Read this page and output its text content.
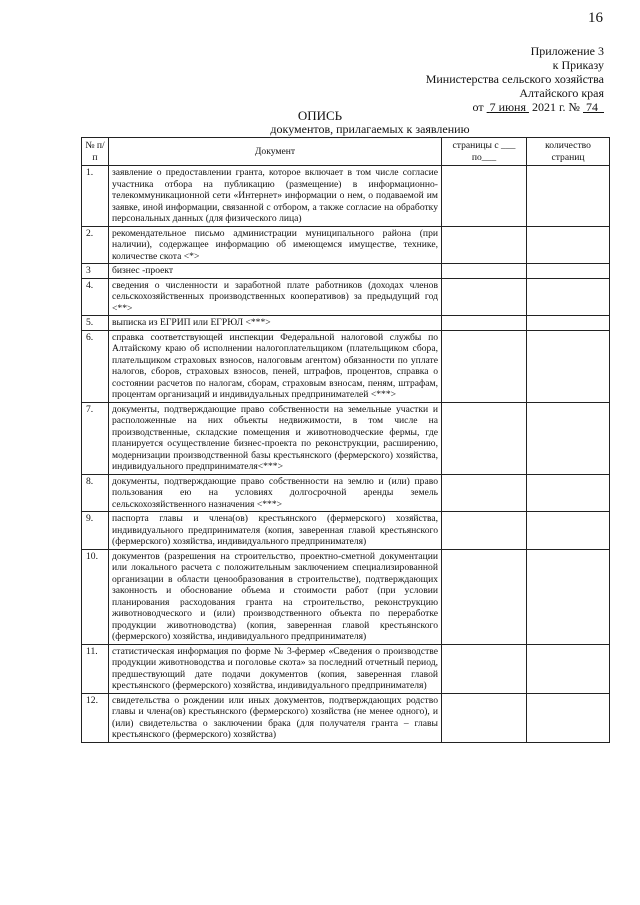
16
Приложение 3
к Приказу
Министерства сельского хозяйства
Алтайского края
от 7 июня 2021 г. № 74
ОПИСЬ
документов, прилагаемых к заявлению
№ п/п	Документ	страницы с ___ по___	количество страниц
1.	заявление о предоставлении гранта, которое включает в том числе согласие участника отбора на публикацию (размещение) в информационно-телекоммуникационной сети «Интернет» информации о нем, о подаваемой им заявке, иной информации, связанной с отбором, а также согласие на обработку персональных данных (для физического лица)		
2.	рекомендательное письмо администрации муниципального района (при наличии), содержащее информацию об имеющемся имуществе, технике, количестве скота <*>		
3	бизнес -проект		
4.	сведения о численности и заработной плате работников (доходах членов сельскохозяйственных производственных кооперативов) за предыдущий год <**>		
5.	выписка из ЕГРИП или ЕГРЮЛ <***>		
6.	справка соответствующей инспекции Федеральной налоговой службы по Алтайскому краю об исполнении налогоплательщиком (плательщиком сбора, плательщиком страховых взносов, налоговым агентом) обязанности по уплате налогов, сборов, страховых взносов, пеней, штрафов, процентов, справка о состоянии расчетов по налогам, сборам, страховым взносам, пеням, штрафам, процентам организаций и индивидуальных предпринимателей <***>		
7.	документы, подтверждающие право собственности на земельные участки и расположенные на них объекты недвижимости, в том числе на производственные, складские помещения и животноводческие фермы, где планируется осуществление бизнес-проекта по реконструкции, расширению, модернизации производственной базы крестьянского (фермерского) хозяйства, индивидуального предпринимателя<***>		
8.	документы, подтверждающие право собственности на землю и (или) право пользования ею на условиях долгосрочной аренды земель сельскохозяйственного назначения <***>		
9.	паспорта главы и члена(ов) крестьянского (фермерского) хозяйства, индивидуального предпринимателя (копия, заверенная главой крестьянского (фермерского) хозяйства, индивидуального предпринимателя)		
10.	документов (разрешения на строительство, проектно-сметной документации или локального расчета с положительным заключением специализированной организации в области ценообразования в строительстве), подтверждающих законность и обоснование объема и стоимости работ (при условии планирования расходования гранта на строительство, реконструкцию животноводческого и (или) производственного объекта по переработке продукции животноводства) (копия, заверенная главой крестьянского (фермерского) хозяйства, индивидуального предпринимателя)		
11.	статистическая информация по форме № 3-фермер «Сведения о производстве продукции животноводства и поголовье скота» за последний отчетный период, предшествующий дате подачи документов (копия, заверенная главой крестьянского (фермерского) хозяйства, индивидуального предпринимателя)		
12.	свидетельства о рождении или иных документов, подтверждающих родство главы и члена(ов) крестьянского (фермерского) хозяйства (не менее одного), и (или) свидетельства о заключении брака (для получателя гранта – главы крестьянского (фермерского) хозяйства)		
